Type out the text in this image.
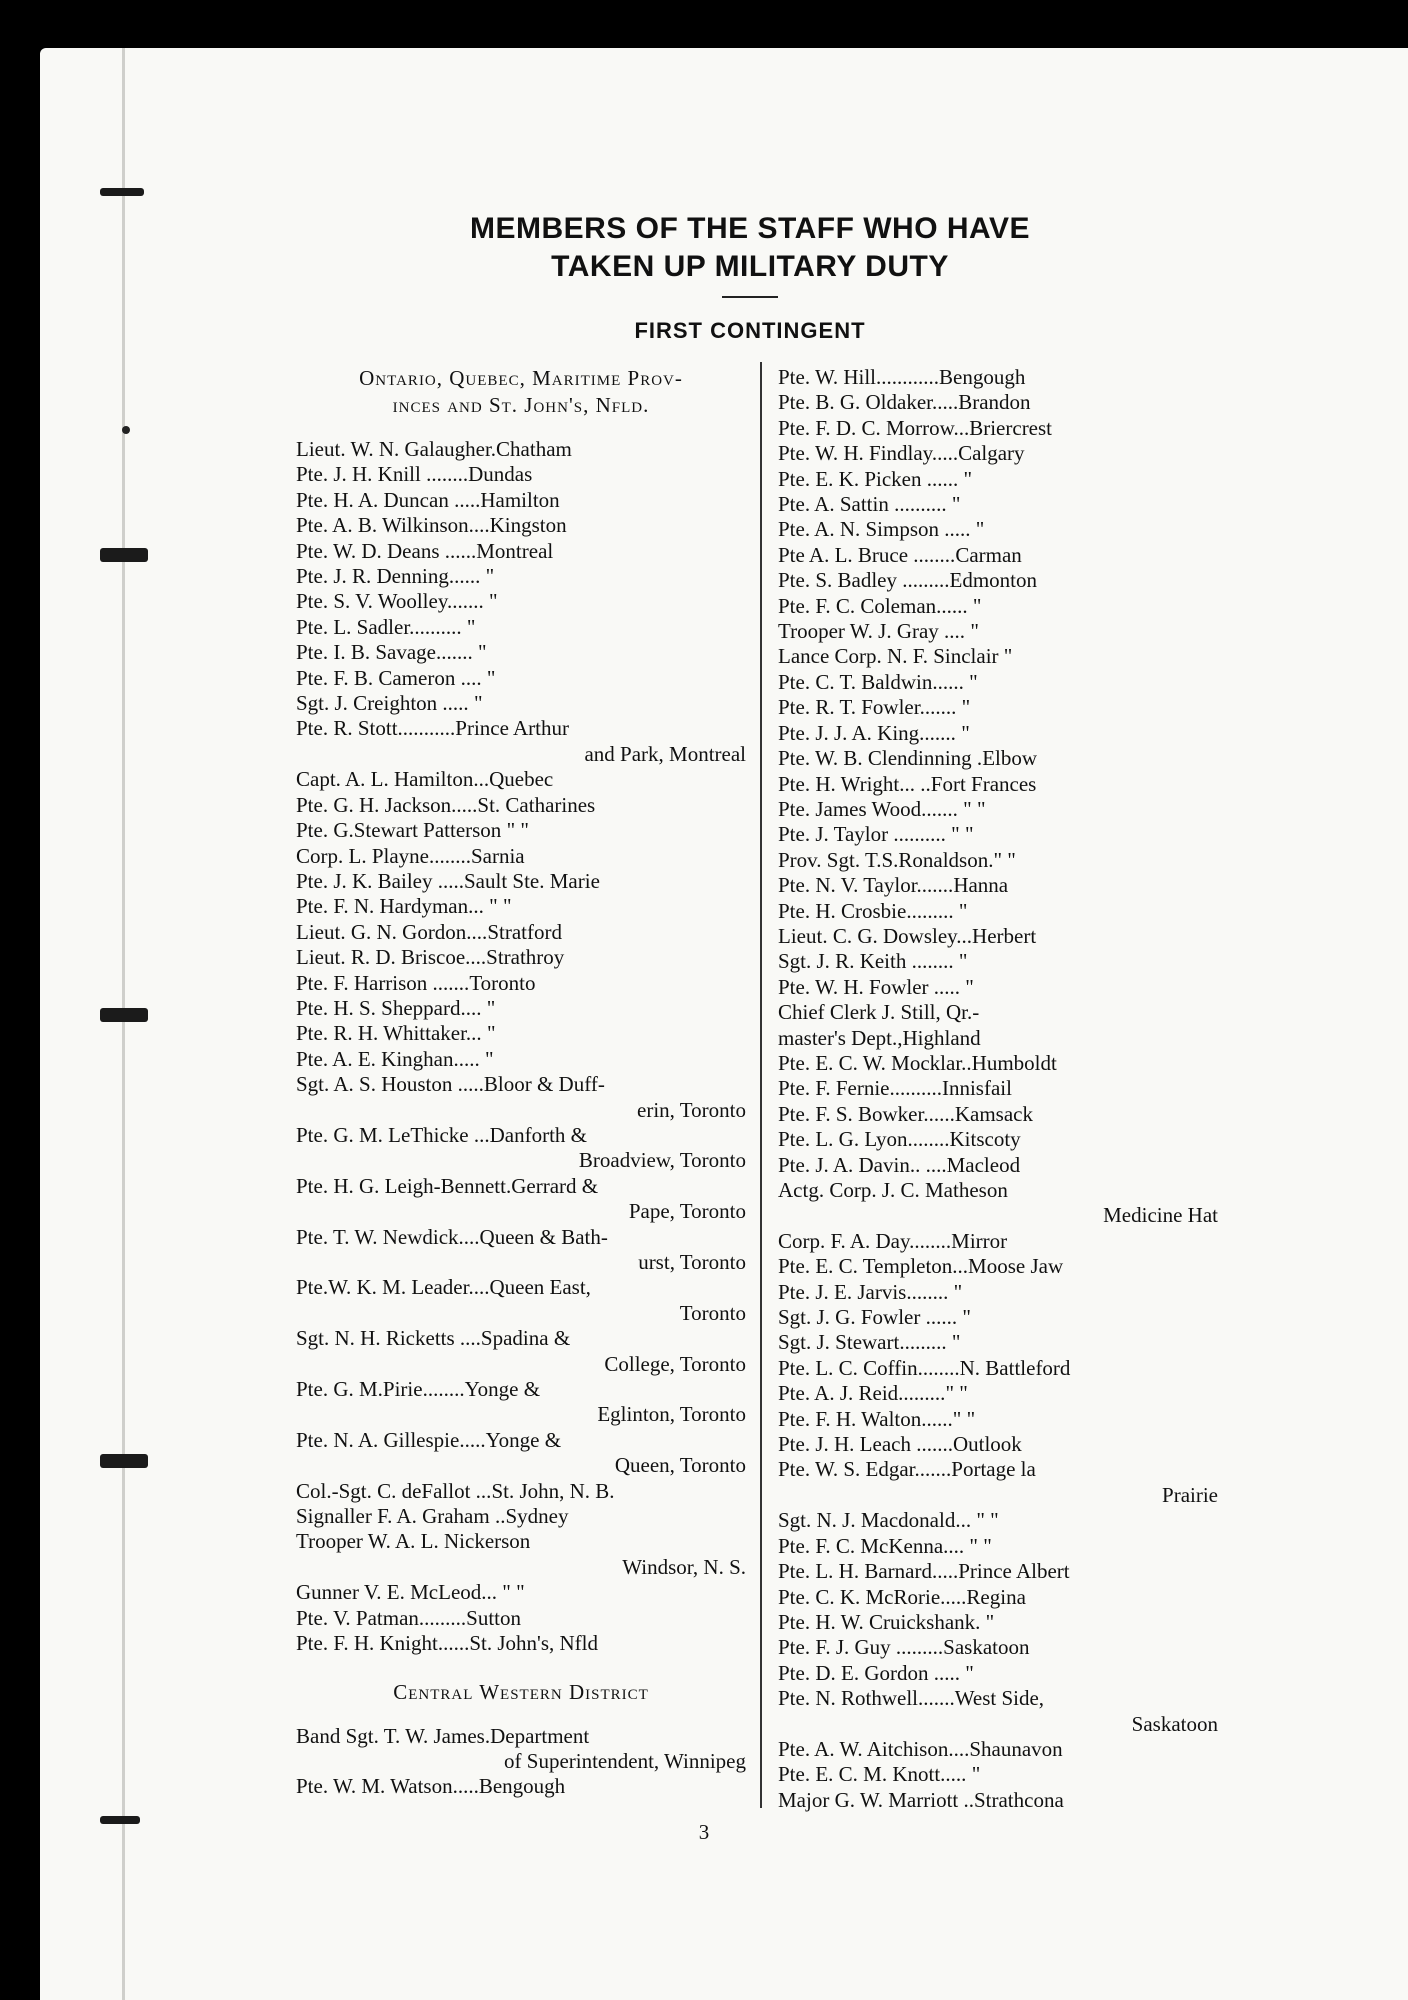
MEMBERS OF THE STAFF WHO HAVE
TAKEN UP MILITARY DUTY
FIRST CONTINGENT
Ontario, Quebec, Maritime Prov-
inces and St. John's, Nfld.
Lieut. W. N. Galaugher.Chatham
Pte. J. H. Knill ........Dundas
Pte. H. A. Duncan .....Hamilton
Pte. A. B. Wilkinson....Kingston
Pte. W. D. Deans ......Montreal
Pte. J. R. Denning...... "
Pte. S. V. Woolley....... "
Pte. L. Sadler.......... "
Pte. I. B. Savage....... "
Pte. F. B. Cameron .... "
Sgt. J. Creighton ..... "
Pte. R. Stott...........Prince Arthur
and Park, Montreal
Capt. A. L. Hamilton...Quebec
Pte. G. H. Jackson.....St. Catharines
Pte. G.Stewart Patterson " "
Corp. L. Playne........Sarnia
Pte. J. K. Bailey .....Sault Ste. Marie
Pte. F. N. Hardyman... " "
Lieut. G. N. Gordon....Stratford
Lieut. R. D. Briscoe....Strathroy
Pte. F. Harrison .......Toronto
Pte. H. S. Sheppard.... "
Pte. R. H. Whittaker... "
Pte. A. E. Kinghan..... "
Sgt. A. S. Houston .....Bloor & Duff-
erin, Toronto
Pte. G. M. LeThicke ...Danforth &
Broadview, Toronto
Pte. H. G. Leigh-Bennett.Gerrard &
Pape, Toronto
Pte. T. W. Newdick....Queen & Bath-
urst, Toronto
Pte.W. K. M. Leader....Queen East,
Toronto
Sgt. N. H. Ricketts ....Spadina &
College, Toronto
Pte. G. M.Pirie........Yonge &
Eglinton, Toronto
Pte. N. A. Gillespie.....Yonge &
Queen, Toronto
Col.-Sgt. C. deFallot ...St. John, N. B.
Signaller F. A. Graham ..Sydney
Trooper W. A. L. Nickerson
Windsor, N. S.
Gunner V. E. McLeod... " "
Pte. V. Patman.........Sutton
Pte. F. H. Knight......St. John's, Nfld
Central Western District
Band Sgt. T. W. James.Department
of Superintendent, Winnipeg
Pte. W. M. Watson.....Bengough
Pte. W. Hill............Bengough
Pte. B. G. Oldaker.....Brandon
Pte. F. D. C. Morrow...Briercrest
Pte. W. H. Findlay.....Calgary
Pte. E. K. Picken ...... "
Pte. A. Sattin .......... "
Pte. A. N. Simpson ..... "
Pte A. L. Bruce ........Carman
Pte. S. Badley .........Edmonton
Pte. F. C. Coleman...... "
Trooper W. J. Gray .... "
Lance Corp. N. F. Sinclair "
Pte. C. T. Baldwin...... "
Pte. R. T. Fowler....... "
Pte. J. J. A. King....... "
Pte. W. B. Clendinning .Elbow
Pte. H. Wright... ..Fort Frances
Pte. James Wood....... " "
Pte. J. Taylor .......... " "
Prov. Sgt. T.S.Ronaldson." "
Pte. N. V. Taylor.......Hanna
Pte. H. Crosbie......... "
Lieut. C. G. Dowsley...Herbert
Sgt. J. R. Keith ........ "
Pte. W. H. Fowler ..... "
Chief Clerk J. Still, Qr.-
master's Dept.,Highland
Pte. E. C. W. Mocklar..Humboldt
Pte. F. Fernie..........Innisfail
Pte. F. S. Bowker......Kamsack
Pte. L. G. Lyon........Kitscoty
Pte. J. A. Davin.. ....Macleod
Actg. Corp. J. C. Matheson
Medicine Hat
Corp. F. A. Day........Mirror
Pte. E. C. Templeton...Moose Jaw
Pte. J. E. Jarvis........ "
Sgt. J. G. Fowler ...... "
Sgt. J. Stewart......... "
Pte. L. C. Coffin........N. Battleford
Pte. A. J. Reid........." "
Pte. F. H. Walton......" "
Pte. J. H. Leach .......Outlook
Pte. W. S. Edgar.......Portage la
Prairie
Sgt. N. J. Macdonald... " "
Pte. F. C. McKenna.... " "
Pte. L. H. Barnard.....Prince Albert
Pte. C. K. McRorie.....Regina
Pte. H. W. Cruickshank. "
Pte. F. J. Guy .........Saskatoon
Pte. D. E. Gordon ..... "
Pte. N. Rothwell.......West Side,
Saskatoon
Pte. A. W. Aitchison....Shaunavon
Pte. E. C. M. Knott..... "
Major G. W. Marriott ..Strathcona
3
